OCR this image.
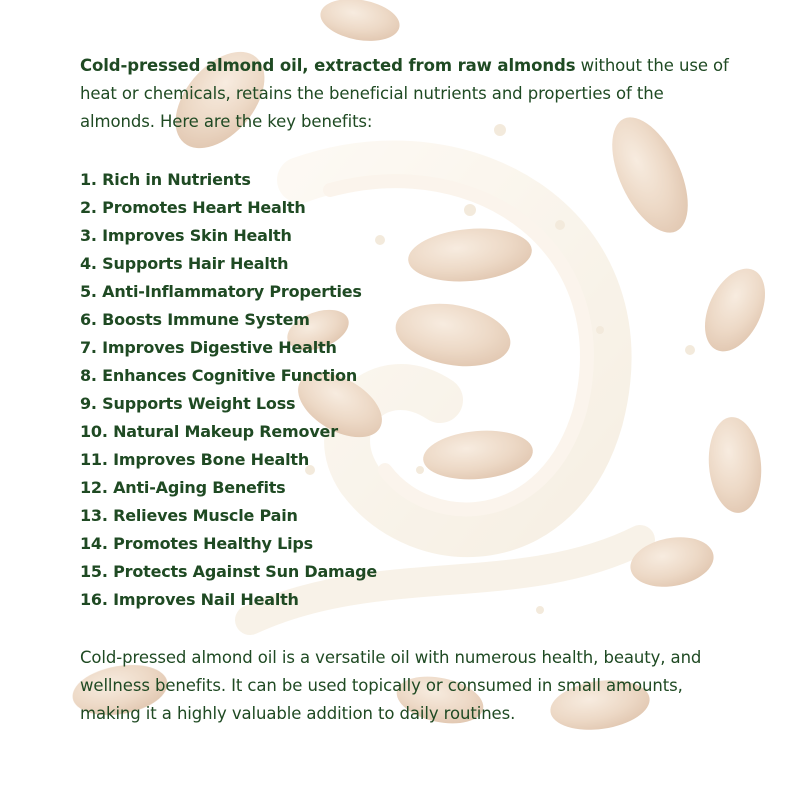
Cold-pressed almond oil, extracted from raw almonds without the use of heat or chemicals, retains the beneficial nutrients and properties of the almonds. Here are the key benefits:

1. Rich in Nutrients
2. Promotes Heart Health
3. Improves Skin Health
4. Supports Hair Health
5. Anti-Inflammatory Properties
6. Boosts Immune System
7. Improves Digestive Health
8. Enhances Cognitive Function
9. Supports Weight Loss
10. Natural Makeup Remover
11. Improves Bone Health
12. Anti-Aging Benefits
13. Relieves Muscle Pain
14. Promotes Healthy Lips
15. Protects Against Sun Damage
16. Improves Nail Health

Cold-pressed almond oil is a versatile oil with numerous health, beauty, and wellness benefits. It can be used topically or consumed in small amounts, making it a highly valuable addition to daily routines.
